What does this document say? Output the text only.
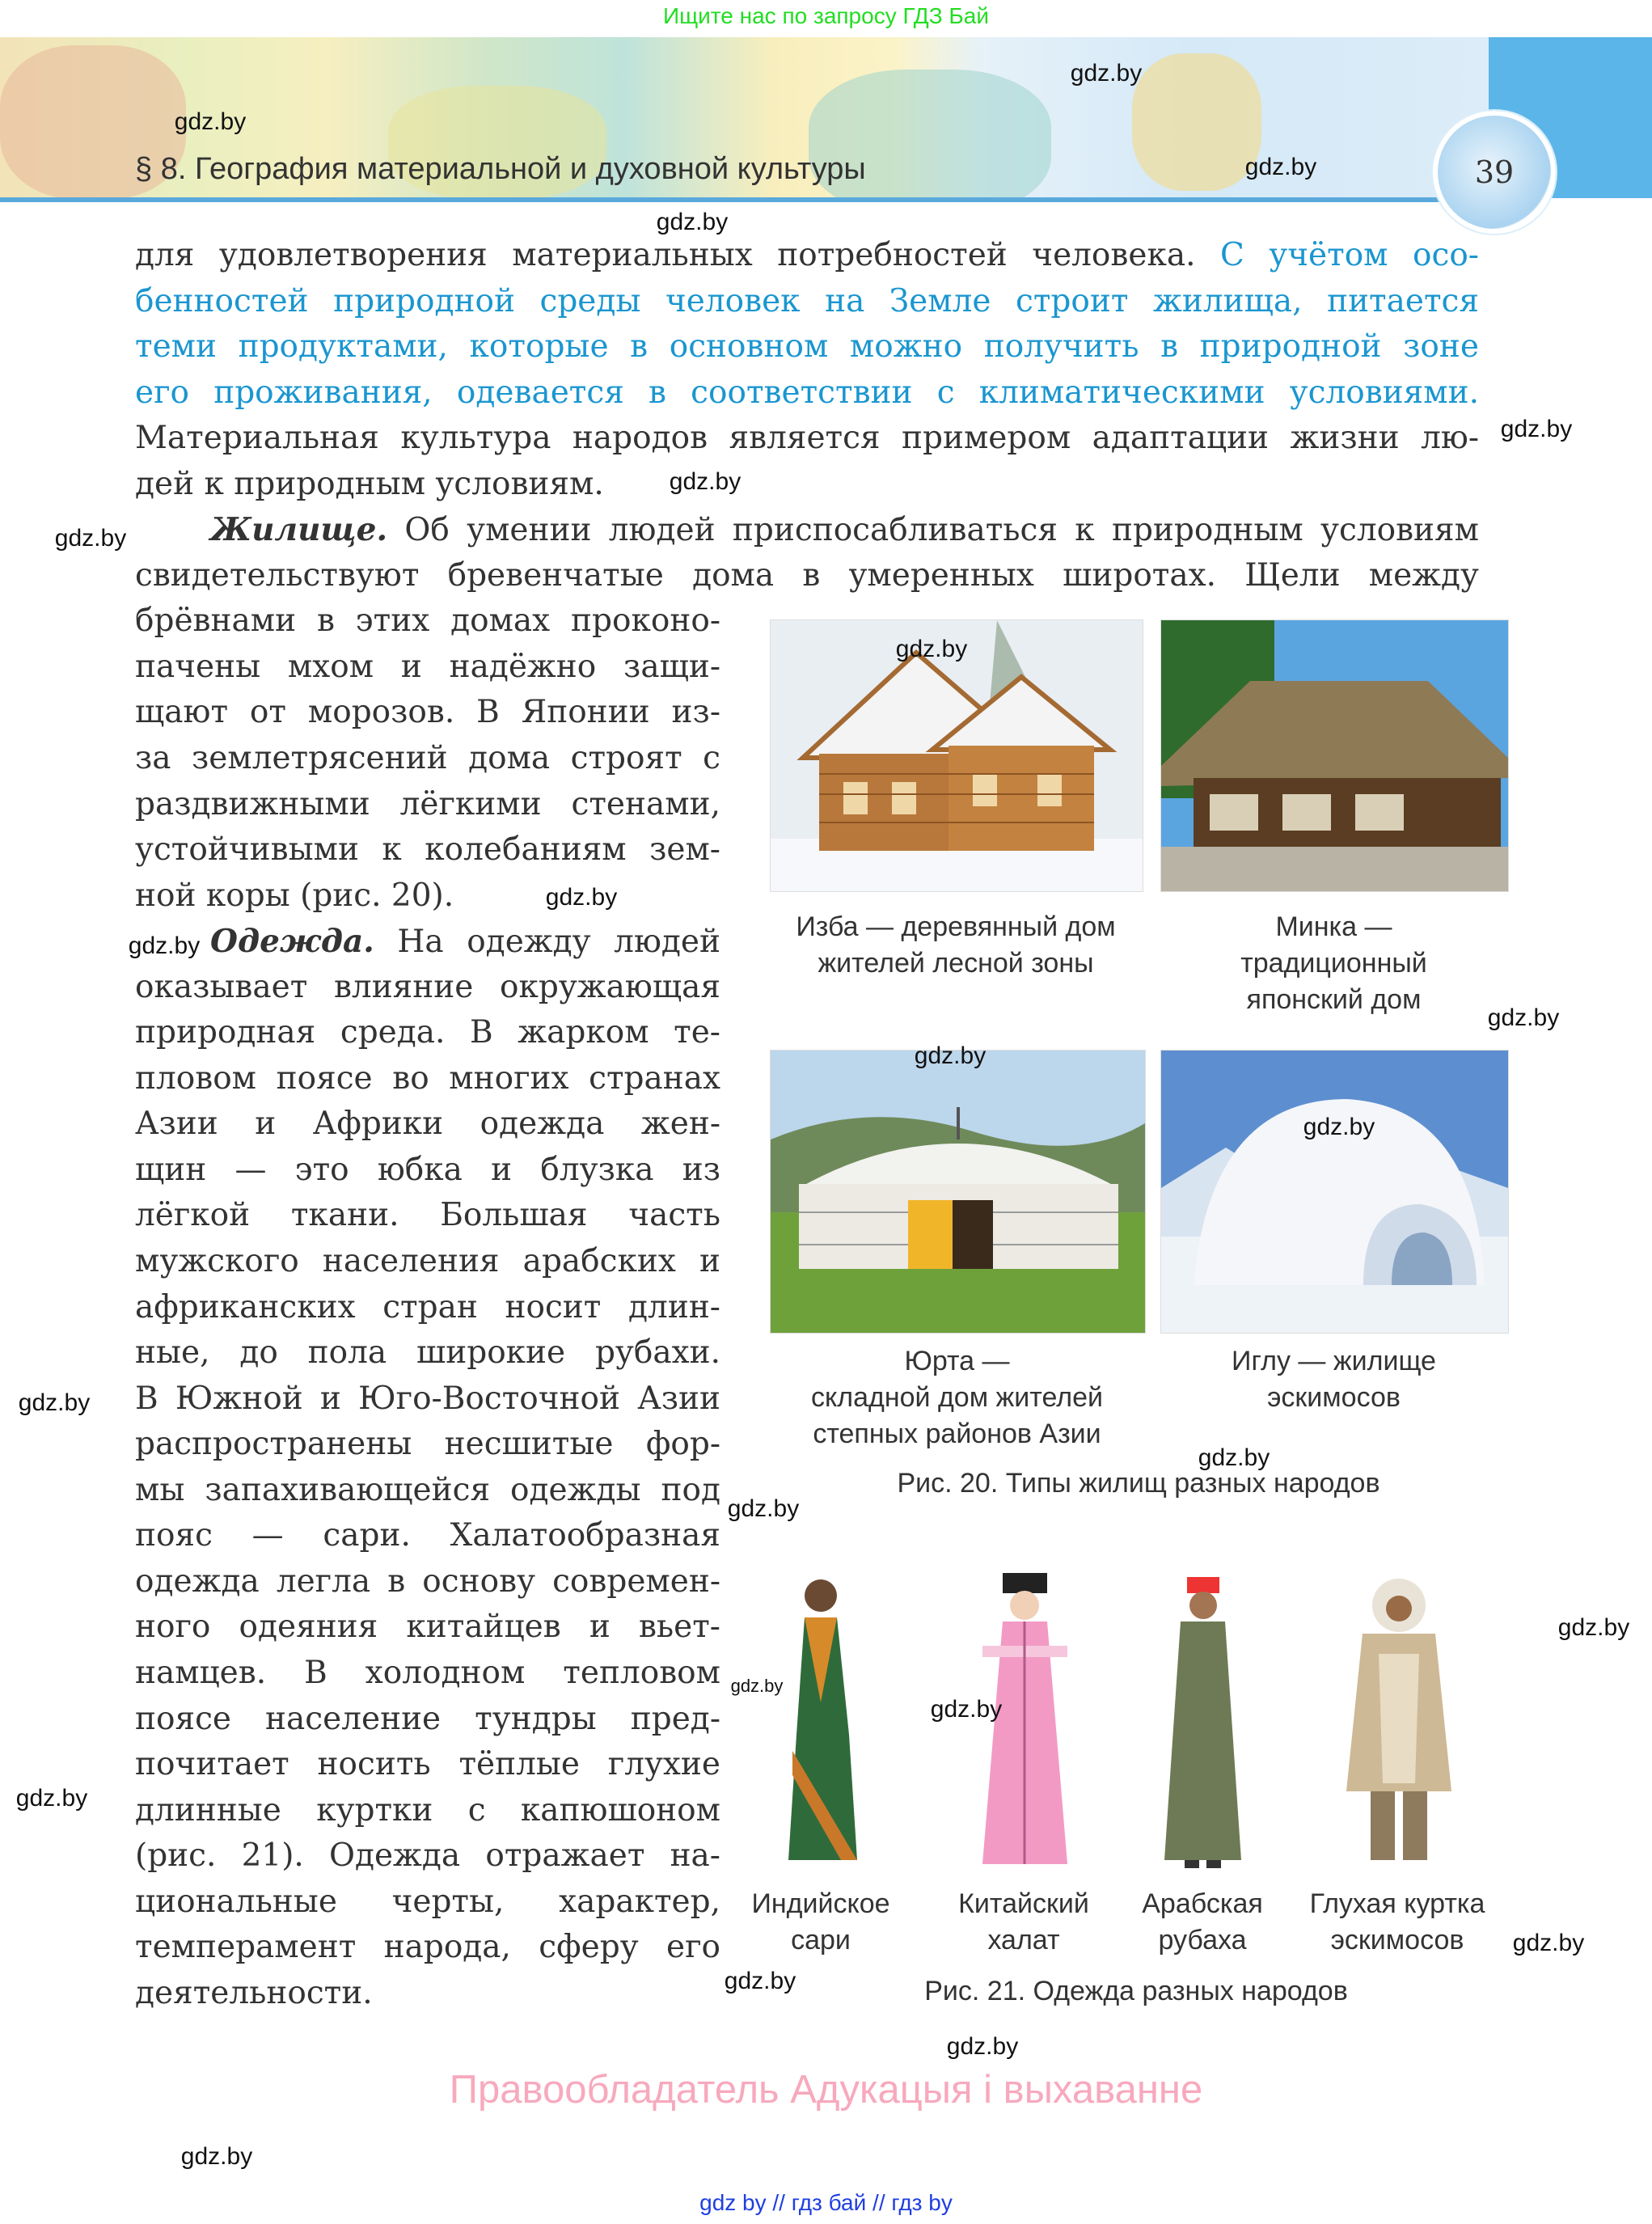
Ищите нас по запросу ГДЗ Бай
§ 8. География материальной и духовной культуры	39
для удовлетворения материальных потребностей человека. С учётом осо-
бенностей природной среды человек на Земле строит жилища, питается
теми продуктами, которые в основном можно получить в природной зоне
его проживания, одевается в соответствии с климатическими условиями.
Материальная культура народов является примером адаптации жизни лю-
дей к природным условиям.
Жилище. Об умении людей приспосабливаться к природным условиям
свидетельствуют бревенчатые дома в умеренных широтах. Щели между
брёвнами в этих домах проконо-
пачены мхом и надёжно защи-
щают от морозов. В Японии из-
за землетрясений дома строят с
раздвижными лёгкими стенами,
устойчивыми к колебаниям зем-
ной коры (рис. 20).
Одежда. На одежду людей
оказывает влияние окружающая
природная среда. В жарком те-
пловом поясе во многих странах
Азии и Африки одежда жен-
щин — это юбка и блузка из
лёгкой ткани. Большая часть
мужского населения арабских и
африканских стран носит длин-
ные, до пола широкие рубахи.
В Южной и Юго-Восточной Азии
распространены несшитые фор-
мы запахивающейся одежды под
пояс — сари. Халатообразная
одежда легла в основу современ-
ного одеяния китайцев и вьет-
намцев. В холодном тепловом
поясе население тундры пред-
почитает носить тёплые глухие
длинные куртки с капюшоном
(рис. 21). Одежда отражает на-
циональные черты, характер,
темперамент народа, сферу его
деятельности.
Изба — деревянный дом
жителей лесной зоны
Минка —
традиционный
японский дом
Юрта —
складной дом жителей
степных районов Азии
Иглу — жилище
эскимосов
Рис. 20. Типы жилищ разных народов
Индийское
сари
Китайский
халат
Арабская
рубаха
Глухая куртка
эскимосов
Рис. 21. Одежда разных народов
gdz.by
gdz.by
gdz.by
gdz.by
gdz.by
gdz.by
gdz.by
gdz.by
gdz.by
gdz.by
gdz.by
gdz.by
gdz.by
gdz.by
gdz.by
gdz.by
gdz.by
gdz.by
gdz.by
gdz.by
gdz.by
gdz.by
gdz.by
gdz.by
Правообладатель Адукацыя і выхаванне
gdz by // гдз бай // гдз by
